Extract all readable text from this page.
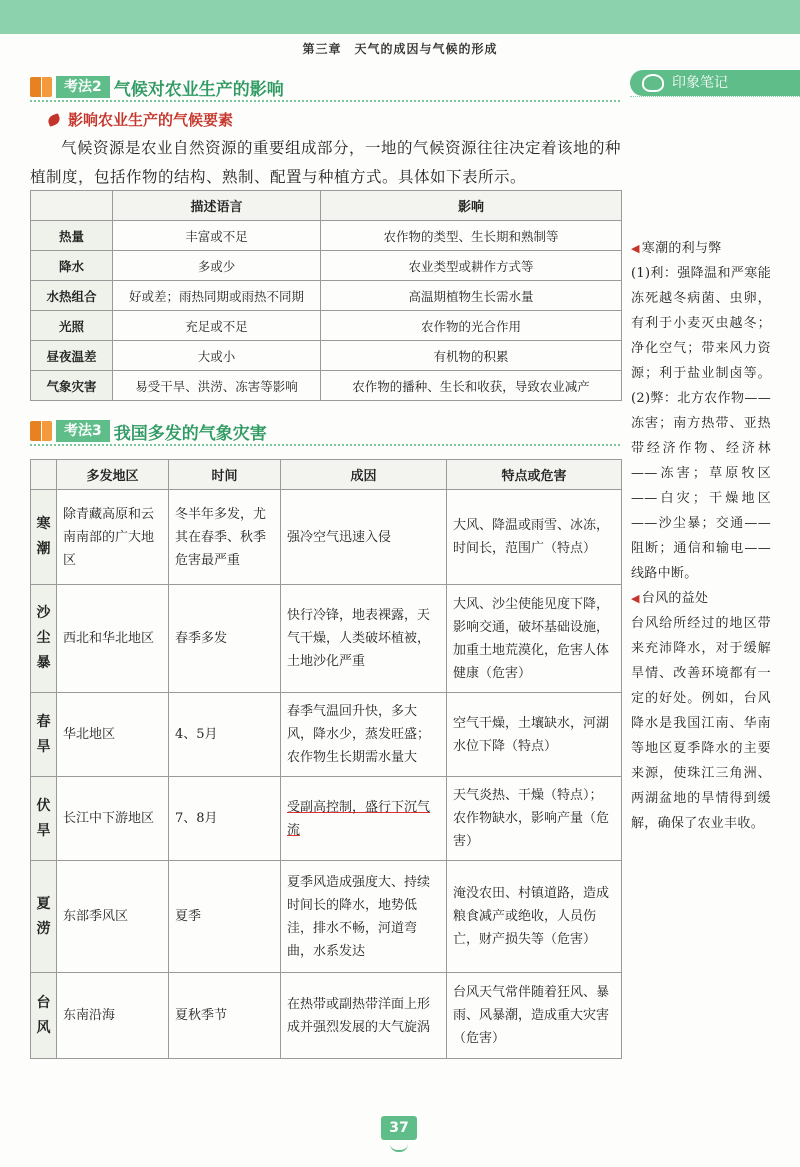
第三章　天气的成因与气候的形成
考法2 气候对农业生产的影响
影响农业生产的气候要素

气候资源是农业自然资源的重要组成部分，一地的气候资源往往决定着该地的种植制度，包括作物的结构、熟制、配置与种植方式。具体如下表所示。

	描述语言	影响
热量	丰富或不足	农作物的类型、生长期和熟制等
降水	多或少	农业类型或耕作方式等
水热组合	好或差；雨热同期或雨热不同期	高温期植物生长需水量
光照	充足或不足	农作物的光合作用
昼夜温差	大或小	有机物的积累
气象灾害	易受干旱、洪涝、冻害等影响	农作物的播种、生长和收获，导致农业减产
考法3 我国多发的气象灾害
	多发地区	时间	成因	特点或危害
寒潮	除青藏高原和云南南部的广大地区	冬半年多发，尤其在春季、秋季危害最严重	强冷空气迅速入侵	大风、降温或雨雪、冰冻，时间长，范围广（特点）
沙尘暴	西北和华北地区	春季多发	快行冷锋，地表裸露，天气干燥，人类破坏植被，土地沙化严重	大风、沙尘使能见度下降，影响交通，破坏基础设施，加重土地荒漠化，危害人体健康（危害）
春旱	华北地区	4、5月	春季气温回升快，多大风，降水少，蒸发旺盛；农作物生长期需水量大	空气干燥，土壤缺水，河湖水位下降（特点）
伏旱	长江中下游地区	7、8月	受副高控制，盛行下沉气流	天气炎热、干燥（特点）；农作物缺水，影响产量（危害）
夏涝	东部季风区	夏季	夏季风造成强度大、持续时间长的降水，地势低洼，排水不畅，河道弯曲，水系发达	淹没农田、村镇道路，造成粮食减产或绝收，人员伤亡，财产损失等（危害）
台风	东南沿海	夏秋季节	在热带或副热带洋面上形成并强烈发展的大气旋涡	台风天气常伴随着狂风、暴雨、风暴潮，造成重大灾害（危害）
印象笔记
◀ 寒潮的利与弊
(1)利：强降温和严寒能冻死越冬病菌、虫卵，有利于小麦灭虫越冬；净化空气；带来风力资源；利于盐业制卤等。(2)弊：北方农作物——冻害；南方热带、亚热带经济作物、经济林——冻害；草原牧区——白灾；干燥地区——沙尘暴；交通——阻断；通信和输电——线路中断。
◀ 台风的益处
台风给所经过的地区带来充沛降水，对于缓解旱情、改善环境都有一定的好处。例如，台风降水是我国江南、华南等地区夏季降水的主要来源，使珠江三角洲、两湖盆地的旱情得到缓解，确保了农业丰收。
37
